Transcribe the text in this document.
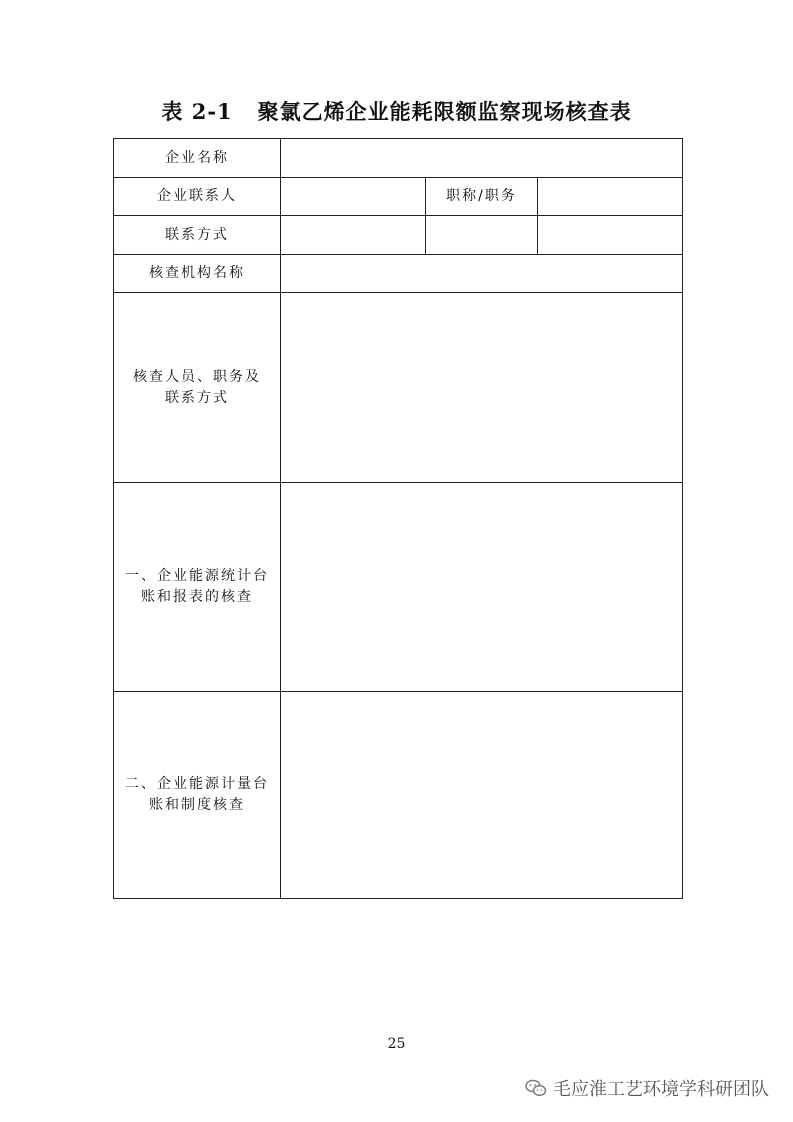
表 2-1   聚氯乙烯企业能耗限额监察现场核查表
企业名称			
企业联系人		职称/职务	
联系方式			
核查机构名称			
核查人员、职务及联系方式			
一、企业能源统计台账和报表的核查			
二、企业能源计量台账和制度核查			
25
毛应淮工艺环境学科研团队
